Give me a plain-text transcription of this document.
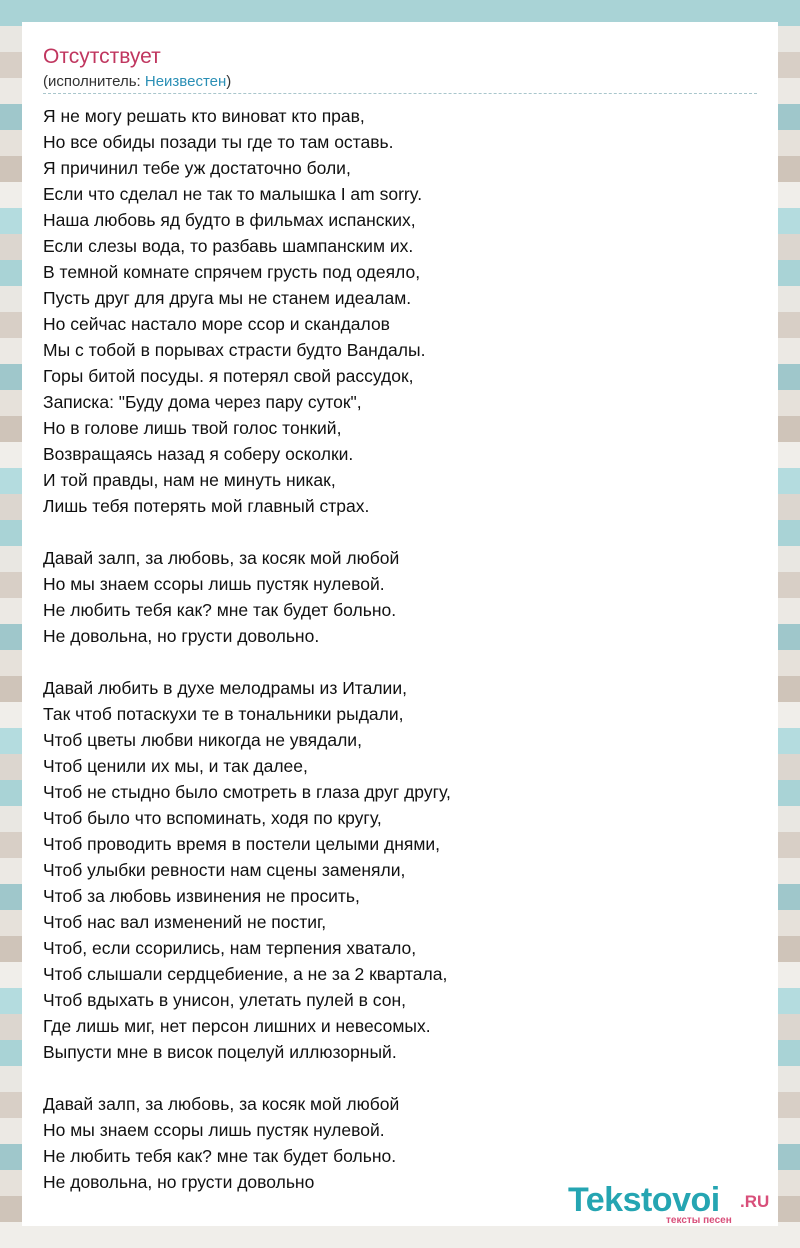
Отсутствует
(исполнитель: Неизвестен)
Я не могу решать кто виноват кто прав,
Но все обиды позади ты где то там оставь.
Я причинил тебе уж достаточно боли,
Если что сделал не так то малышка I am sorry.
Наша любовь яд будто в фильмах испанских,
Если слезы вода, то разбавь шампанским их.
В темной комнате спрячем грусть под одеяло,
Пусть друг для друга мы не станем идеалам.
Но сейчас настало море ссор и скандалов
Мы с тобой в порывах страсти будто Вандалы.
Горы битой посуды. я потерял свой рассудок,
Записка: "Буду дома через пару суток",
Но в голове лишь твой голос тонкий,
Возвращаясь назад я соберу осколки.
И той правды, нам не минуть никак,
Лишь тебя потерять мой главный страх.
Давай залп, за любовь, за косяк мой любой
Но мы знаем ссоры лишь пустяк нулевой.
Не любить тебя как? мне так будет больно.
Не довольна, но грусти довольно.
Давай любить в духе мелодрамы из Италии,
Так чтоб потаскухи те в тональники рыдали,
Чтоб цветы любви никогда не увядали,
Чтоб ценили их мы, и так далее,
Чтоб не стыдно было смотреть в глаза друг другу,
Чтоб было что вспоминать, ходя по кругу,
Чтоб проводить время в постели целыми днями,
Чтоб улыбки ревности нам сцены заменяли,
Чтоб за любовь извинения не просить,
Чтоб нас вал изменений не постиг,
Чтоб, если ссорились, нам терпения хватало,
Чтоб слышали сердцебиение, а не за 2 квартала,
Чтоб вдыхать в унисон, улетать пулей в сон,
Где лишь миг, нет персон лишних и невесомых.
Выпусти мне в висок поцелуй иллюзорный.
Давай залп, за любовь, за косяк мой любой
Но мы знаем ссоры лишь пустяк нулевой.
Не любить тебя как? мне так будет больно.
Не довольна, но грусти довольно	Tekstovoi .RU
тексты песен
